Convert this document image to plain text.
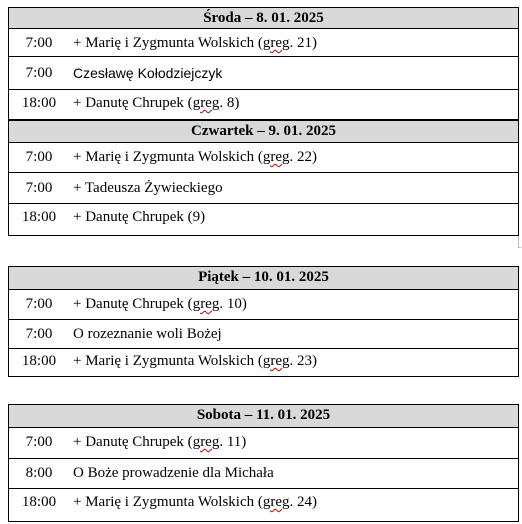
Środa – 8. 01. 2025
7:00	+ Marię i Zygmunta Wolskich (greg. 21)
7:00	Czesławę Kołodziejczyk
18:00	+ Danutę Chrupek (greg. 8)
Czwartek – 9. 01. 2025
7:00	+ Marię i Zygmunta Wolskich (greg. 22)
7:00	+ Tadeusza Żywieckiego
18:00	+ Danutę Chrupek (9)
Piątek – 10. 01. 2025
7:00	+ Danutę Chrupek (greg. 10)
7:00	O rozeznanie woli Bożej
18:00	+ Marię i Zygmunta Wolskich (greg. 23)
Sobota – 11. 01. 2025
7:00	+ Danutę Chrupek (greg. 11)
8:00	O Boże prowadzenie dla Michała
18:00	+ Marię i Zygmunta Wolskich (greg. 24)
